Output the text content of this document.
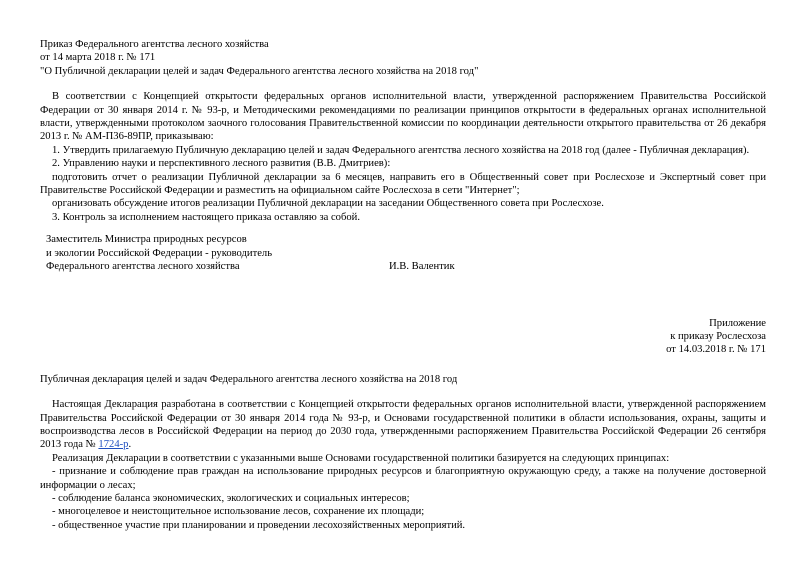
Приказ Федерального агентства лесного хозяйства
от 14 марта 2018 г. № 171
"О Публичной декларации целей и задач Федерального агентства лесного хозяйства на 2018 год"

В соответствии с Концепцией открытости федеральных органов исполнительной власти, утвержденной распоряжением Правительства Российской Федерации от 30 января 2014 г. № 93-р, и Методическими рекомендациями по реализации принципов открытости в федеральных органах исполнительной власти, утвержденными протоколом заочного голосования Правительственной комиссии по координации деятельности открытого правительства от 26 декабря 2013 г. № АМ-П36-89ПР, приказываю:

1. Утвердить прилагаемую Публичную декларацию целей и задач Федерального агентства лесного хозяйства на 2018 год (далее - Публичная декларация).

2. Управлению науки и перспективного лесного развития (В.В. Дмитриев):

подготовить отчет о реализации Публичной декларации за 6 месяцев, направить его в Общественный совет при Рослесхозе и Экспертный совет при Правительстве Российской Федерации и разместить на официальном сайте Рослесхоза в сети "Интернет";

организовать обсуждение итогов реализации Публичной декларации на заседании Общественного совета при Рослесхозе.

3. Контроль за исполнением настоящего приказа оставляю за собой.

Заместитель Министра природных ресурсов
и экологии Российской Федерации - руководитель
Федерального агентства лесного хозяйства	И.В. Валентик
Приложение
к приказу Рослесхоза
от 14.03.2018 г. № 171
Публичная декларация целей и задач Федерального агентства лесного хозяйства на 2018 год

Настоящая Декларация разработана в соответствии с Концепцией открытости федеральных органов исполнительной власти, утвержденной распоряжением Правительства Российской Федерации от 30 января 2014 года № 93-р, и Основами государственной политики в области использования, охраны, защиты и воспроизводства лесов в Российской Федерации на период до 2030 года, утвержденными распоряжением Правительства Российской Федерации 26 сентября 2013 года № 1724-р.

Реализация Декларации в соответствии с указанными выше Основами государственной политики базируется на следующих принципах:

- признание и соблюдение прав граждан на использование природных ресурсов и благоприятную окружающую среду, а также на получение достоверной информации о лесах;

- соблюдение баланса экономических, экологических и социальных интересов;

- многоцелевое и неистощительное использование лесов, сохранение их площади;

- общественное участие при планировании и проведении лесохозяйственных мероприятий.
